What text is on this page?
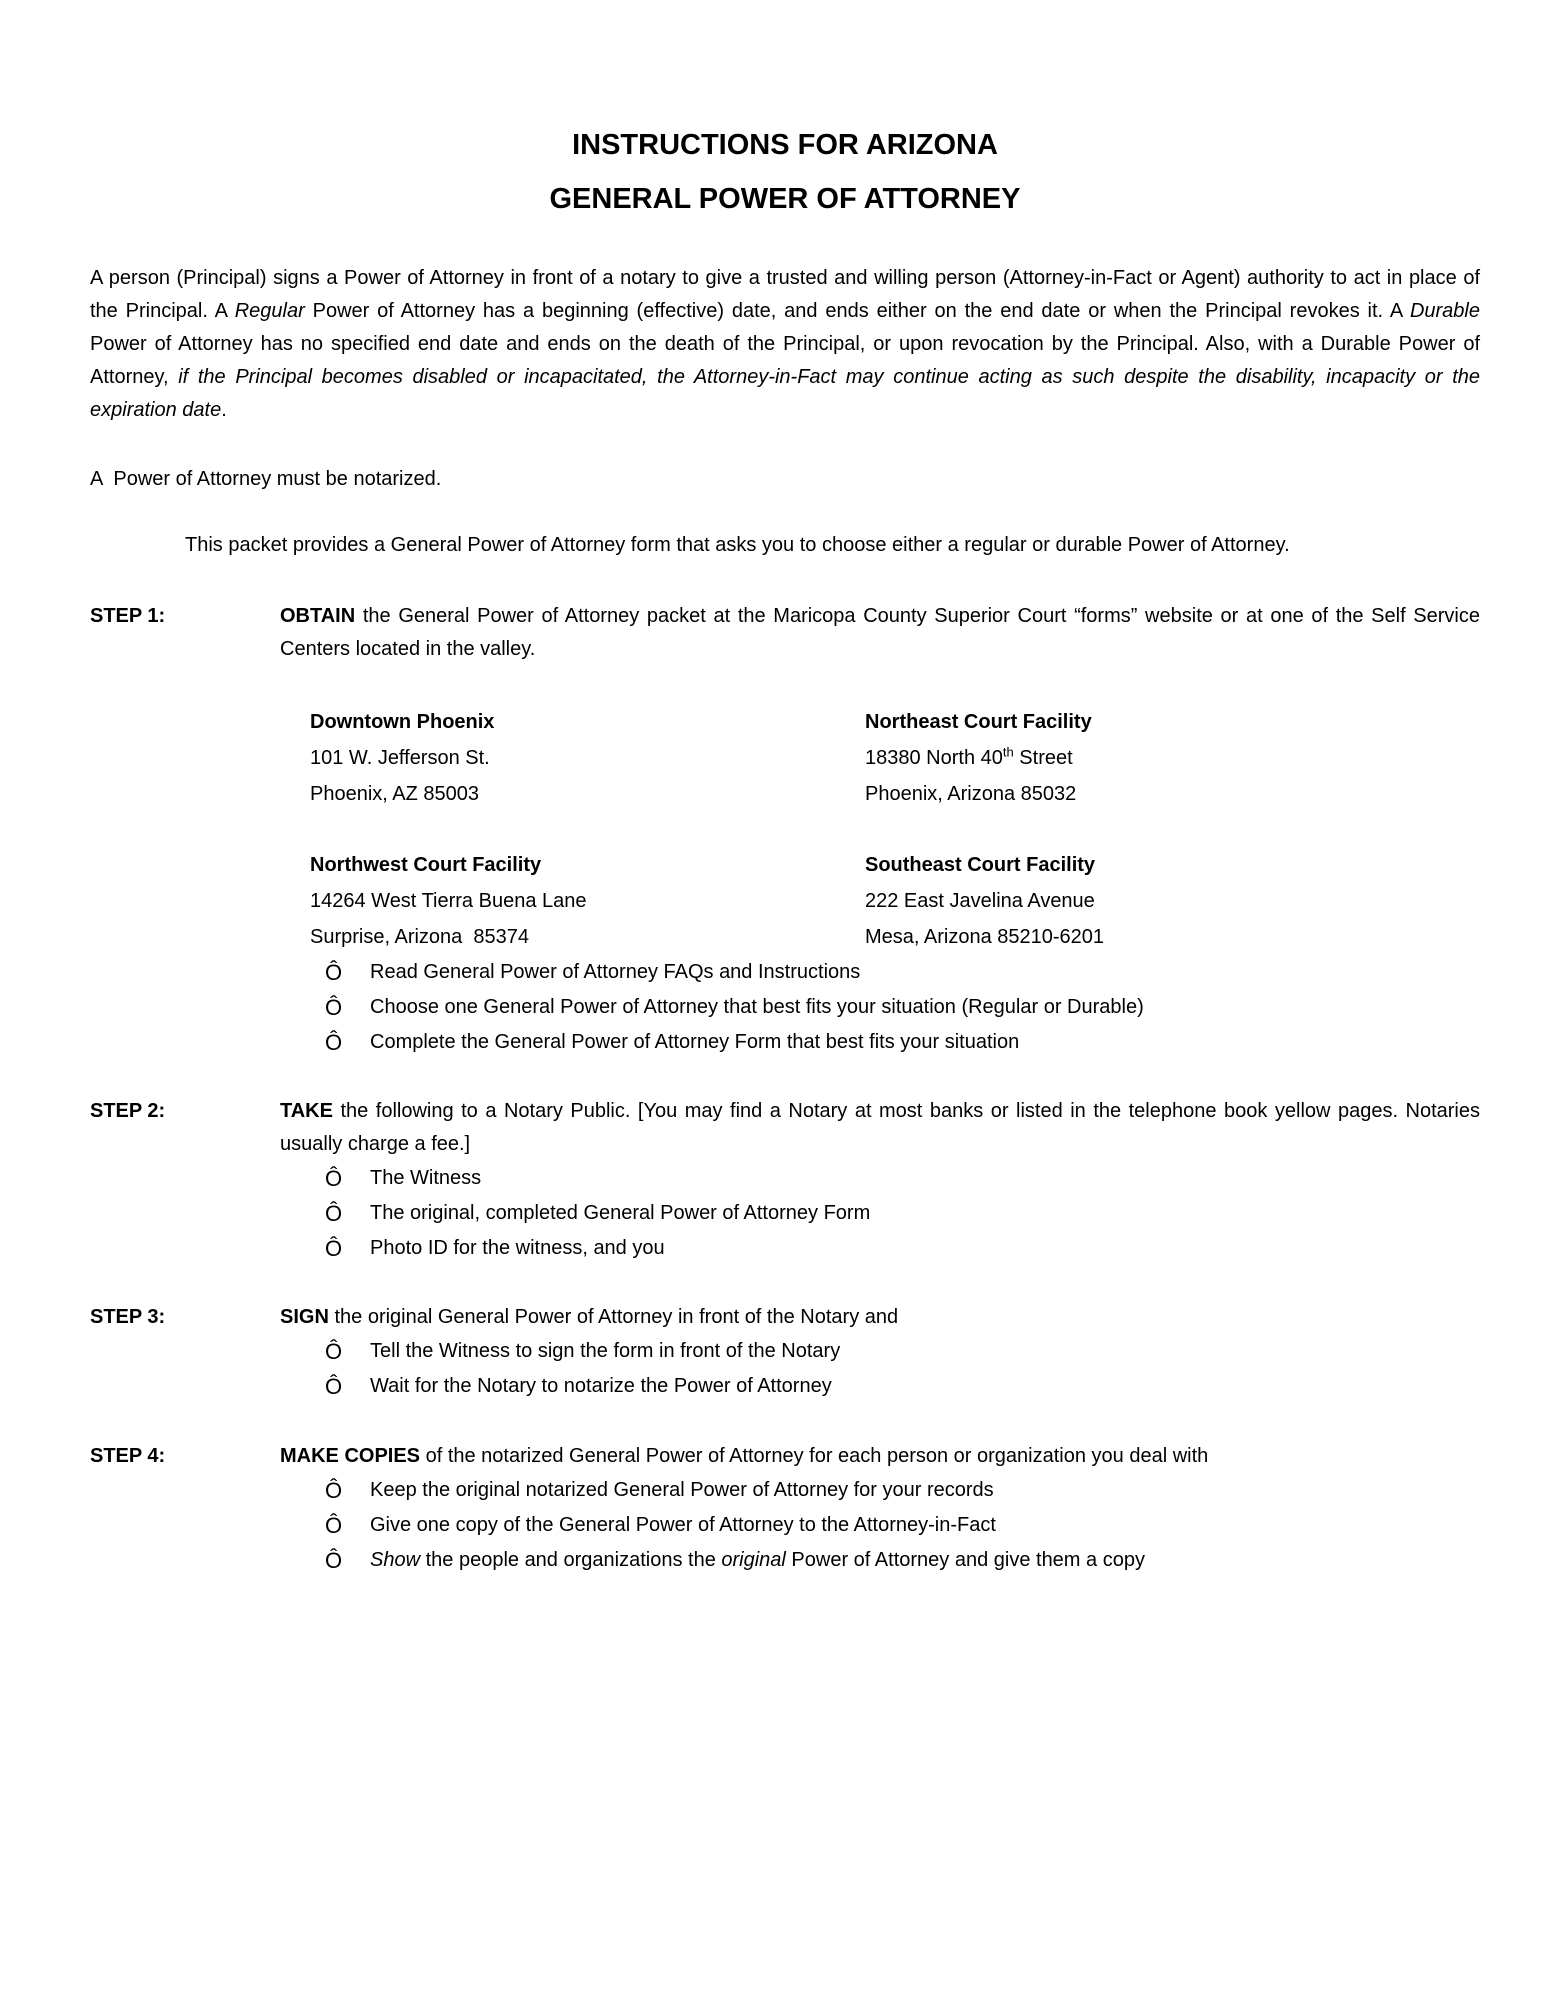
INSTRUCTIONS FOR ARIZONA
GENERAL POWER OF ATTORNEY

A person (Principal) signs a Power of Attorney in front of a notary to give a trusted and willing person (Attorney-in-Fact or Agent) authority to act in place of the Principal. A Regular Power of Attorney has a beginning (effective) date, and ends either on the end date or when the Principal revokes it. A Durable Power of Attorney has no specified end date and ends on the death of the Principal, or upon revocation by the Principal. Also, with a Durable Power of Attorney, if the Principal becomes disabled or incapacitated, the Attorney-in-Fact may continue acting as such despite the disability, incapacity or the expiration date.

A  Power of Attorney must be notarized.

This packet provides a General Power of Attorney form that asks you to choose either a regular or durable Power of Attorney.

STEP 1:	OBTAIN the General Power of Attorney packet at the Maricopa County Superior Court “forms” website or at one of the Self Service Centers located in the valley.
Downtown Phoenix
101 W. Jefferson St.
Phoenix, AZ 85003
Northeast Court Facility
18380 North 40th Street
Phoenix, Arizona 85032
Northwest Court Facility
14264 West Tierra Buena Lane
Surprise, Arizona  85374
Southeast Court Facility
222 East Javelina Avenue
Mesa, Arizona 85210-6201
Ô	Read General Power of Attorney FAQs and Instructions
Ô	Choose one General Power of Attorney that best fits your situation (Regular or Durable)
Ô	Complete the General Power of Attorney Form that best fits your situation
STEP 2:	TAKE the following to a Notary Public. [You may find a Notary at most banks or listed in the telephone book yellow pages. Notaries usually charge a fee.]
Ô	The Witness
Ô	The original, completed General Power of Attorney Form
Ô	Photo ID for the witness, and you
STEP 3:	SIGN the original General Power of Attorney in front of the Notary and
Ô	Tell the Witness to sign the form in front of the Notary
Ô	Wait for the Notary to notarize the Power of Attorney
STEP 4:	MAKE COPIES of the notarized General Power of Attorney for each person or organization you deal with
Ô	Keep the original notarized General Power of Attorney for your records
Ô	Give one copy of the General Power of Attorney to the Attorney-in-Fact
Ô	Show the people and organizations the original Power of Attorney and give them a copy
